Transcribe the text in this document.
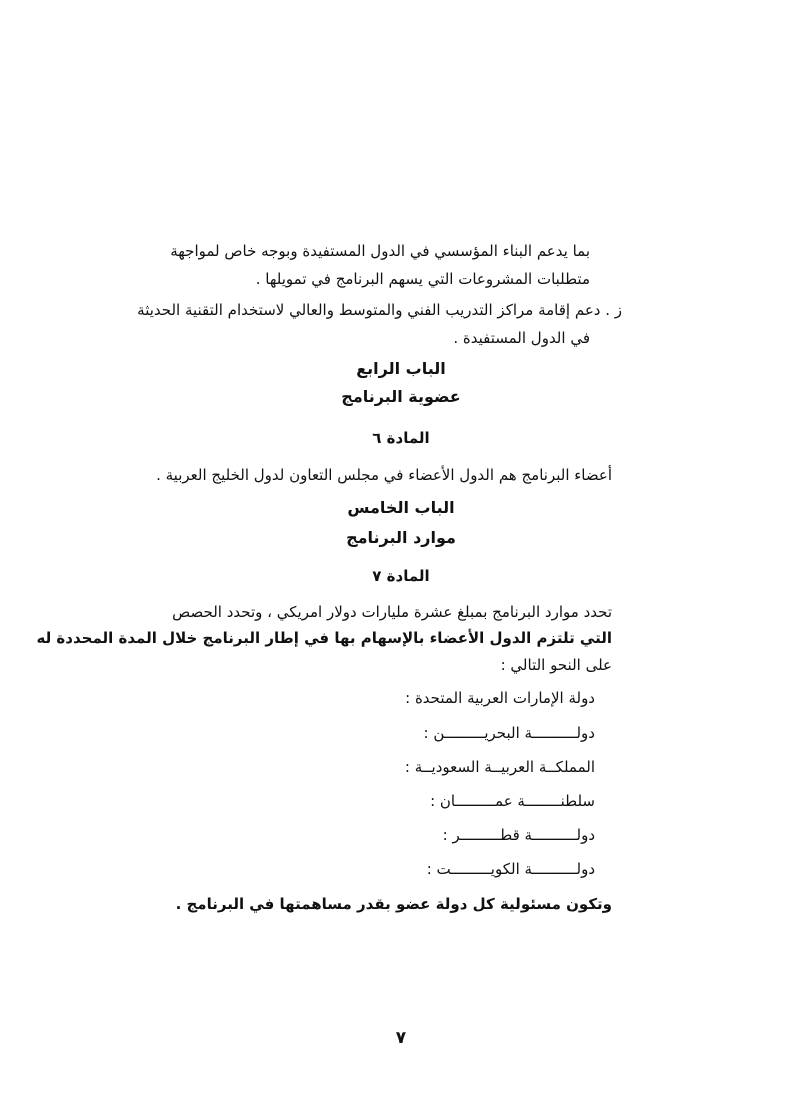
بما يدعم البناء المؤسسي في الدول المستفيدة وبوجه خاص لمواجهة
متطلبات المشروعات التي يسهم البرنامج في تمويلها .
ز . دعم إقامة مراكز التدريب الفني والمتوسط والعالي لاستخدام التقنية الحديثة
في الدول المستفيدة .
الباب الرابع
عضوية البرنامج
المادة ٦
أعضاء البرنامج هم الدول الأعضاء في مجلس التعاون لدول الخليج العربية .
الباب الخامس
موارد البرنامج
المادة ٧
تحدد موارد البرنامج بمبلغ عشرة مليارات دولار امريكي ، وتحدد الحصص
التي تلتزم الدول الأعضاء بالإسهام بها في إطار البرنامج خلال المدة المحددة له
على النحو التالي :
دولة الإمارات العربية المتحدة :
دولــــــــــة البحريـــــــــن :
المملكــة العربيــة السعوديــة :
سلطنــــــــة عمـــــــــان :
دولــــــــــة قطـــــــــر :
دولــــــــــة الكويـــــــــت :
وتكون مسئولية كل دولة عضو بقدر مساهمتها في البرنامج .
٧
